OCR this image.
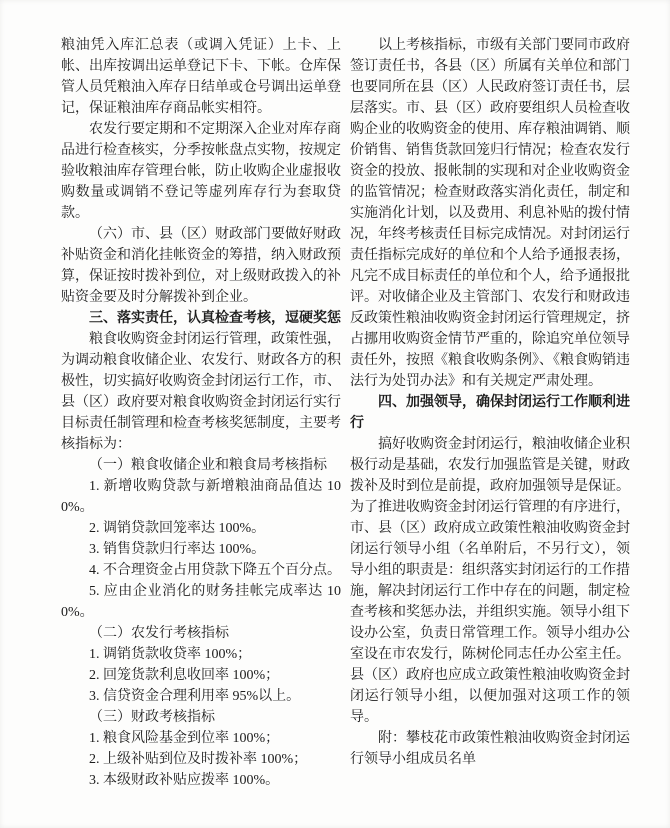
粮油凭入库汇总表（或调入凭证）上卡、上帐、出库按调出运单登记下卡、下帐。仓库保管人员凭粮油入库存日结单或仓号调出运单登记，保证粮油库存商品帐实相符。

农发行要定期和不定期深入企业对库存商品进行检查核实，分季按帐盘点实物，按规定验收粮油库存管理台帐，防止收购企业虚报收购数量或调销不登记等虚列库存行为套取贷款。

（六）市、县（区）财政部门要做好财政补贴资金和消化挂帐资金的筹措，纳入财政预算，保证按时拨补到位，对上级财政拨入的补贴资金要及时分解拨补到企业。

三、落实责任，认真检查考核，逗硬奖惩

粮食收购资金封闭运行管理，政策性强，为调动粮食收储企业、农发行、财政各方的积极性，切实搞好收购资金封闭运行工作，市、县（区）政府要对粮食收购资金封闭运行实行目标责任制管理和检查考核奖惩制度，主要考核指标为：

（一）粮食收储企业和粮食局考核指标

1. 新增收购贷款与新增粮油商品值达 100%。

2. 调销贷款回笼率达 100%。

3. 销售贷款归行率达 100%。

4. 不合理资金占用贷款下降五个百分点。

5. 应由企业消化的财务挂帐完成率达 100%。

（二）农发行考核指标

1. 调销货款收贷率 100%；

2. 回笼货款利息收回率 100%；

3. 信贷资金合理利用率 95%以上。

（三）财政考核指标

1. 粮食风险基金到位率 100%；

2. 上级补贴到位及时拨补率 100%；

3. 本级财政补贴应拨率 100%。

以上考核指标，市级有关部门要同市政府签订责任书，各县（区）所属有关单位和部门也要同所在县（区）人民政府签订责任书，层层落实。市、县（区）政府要组织人员检查收购企业的收购资金的使用、库存粮油调销、顺价销售、销售货款回笼归行情况；检查农发行资金的投放、报帐制的实现和对企业收购资金的监管情况；检查财政落实消化责任，制定和实施消化计划，以及费用、利息补贴的拨付情况，年终考核责任目标完成情况。对封闭运行责任指标完成好的单位和个人给予通报表扬，凡完不成目标责任的单位和个人，给予通报批评。对收储企业及主管部门、农发行和财政违反政策性粮油收购资金封闭运行管理规定，挤占挪用收购资金情节严重的，除追究单位领导责任外，按照《粮食收购条例》、《粮食购销违法行为处罚办法》和有关规定严肃处理。

四、加强领导，确保封闭运行工作顺利进行

搞好收购资金封闭运行，粮油收储企业积极行动是基础，农发行加强监管是关键，财政拨补及时到位是前提，政府加强领导是保证。为了推进收购资金封闭运行管理的有序进行，市、县（区）政府成立政策性粮油收购资金封闭运行领导小组（名单附后，不另行文），领导小组的职责是：组织落实封闭运行的工作措施，解决封闭运行工作中存在的问题，制定检查考核和奖惩办法，并组织实施。领导小组下设办公室，负责日常管理工作。领导小组办公室设在市农发行，陈树伦同志任办公室主任。县（区）政府也应成立政策性粮油收购资金封闭运行领导小组，以便加强对这项工作的领导。

附：攀枝花市政策性粮油收购资金封闭运行领导小组成员名单
